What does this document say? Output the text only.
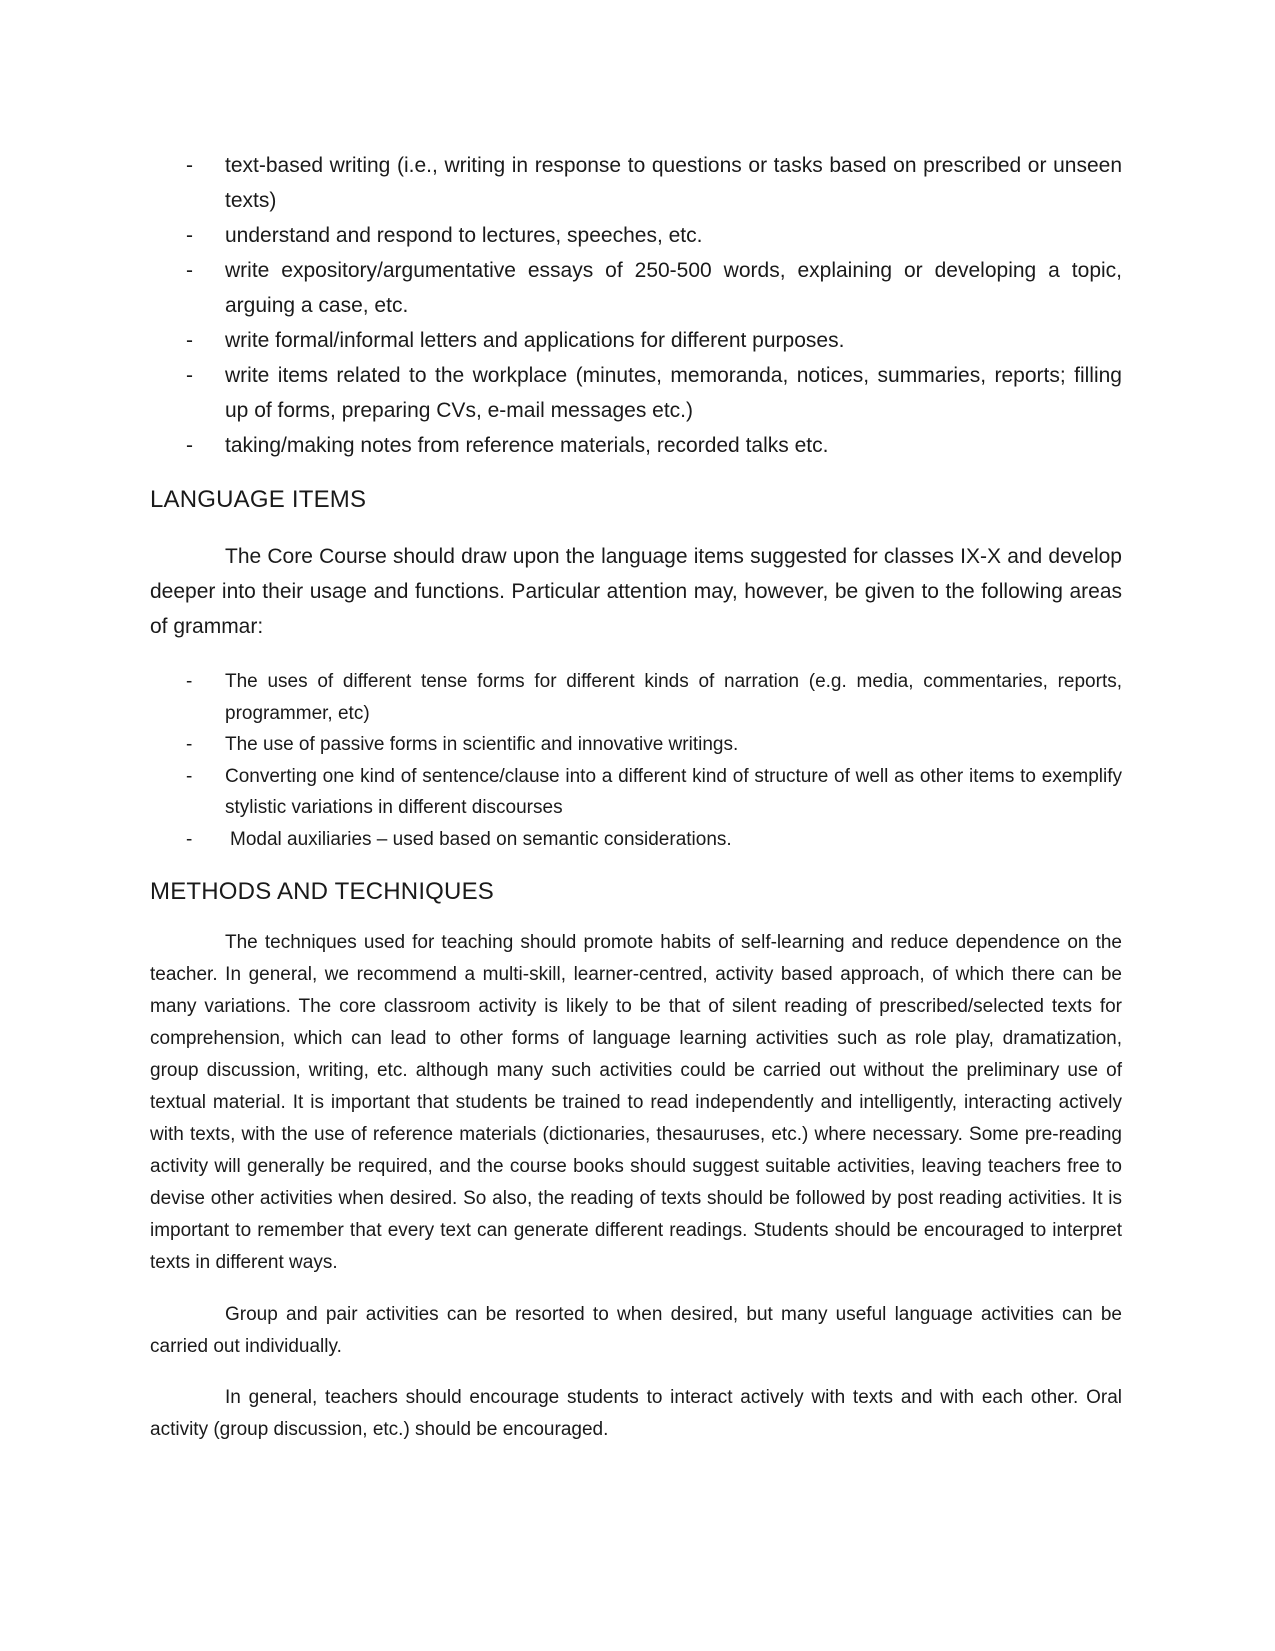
- text-based writing (i.e., writing in response to questions or tasks based on prescribed or unseen texts)
- understand and respond to lectures, speeches, etc.
- write expository/argumentative essays of 250-500 words, explaining or developing a topic, arguing a case, etc.
- write formal/informal letters and applications for different purposes.
- write items related to the workplace (minutes, memoranda, notices, summaries, reports; filling up of forms, preparing CVs, e-mail messages etc.)
- taking/making notes from reference materials, recorded talks etc.
LANGUAGE ITEMS

The Core Course should draw upon the language items suggested for classes IX-X and develop deeper into their usage and functions. Particular attention may, however, be given to the following areas of grammar:

- The uses of different tense forms for different kinds of narration (e.g. media, commentaries, reports, programmer, etc)
- The use of passive forms in scientific and innovative writings.
- Converting one kind of sentence/clause into a different kind of structure of well as other items to exemplify stylistic variations in different discourses
- Modal auxiliaries – used based on semantic considerations.
METHODS AND TECHNIQUES

The techniques used for teaching should promote habits of self-learning and reduce dependence on the teacher. In general, we recommend a multi-skill, learner-centred, activity based approach, of which there can be many variations. The core classroom activity is likely to be that of silent reading of prescribed/selected texts for comprehension, which can lead to other forms of language learning activities such as role play, dramatization, group discussion, writing, etc. although many such activities could be carried out without the preliminary use of textual material. It is important that students be trained to read independently and intelligently, interacting actively with texts, with the use of reference materials (dictionaries, thesauruses, etc.) where necessary. Some pre-reading activity will generally be required, and the course books should suggest suitable activities, leaving teachers free to devise other activities when desired. So also, the reading of texts should be followed by post reading activities. It is important to remember that every text can generate different readings. Students should be encouraged to interpret texts in different ways.

Group and pair activities can be resorted to when desired, but many useful language activities can be carried out individually.

In general, teachers should encourage students to interact actively with texts and with each other. Oral activity (group discussion, etc.) should be encouraged.
